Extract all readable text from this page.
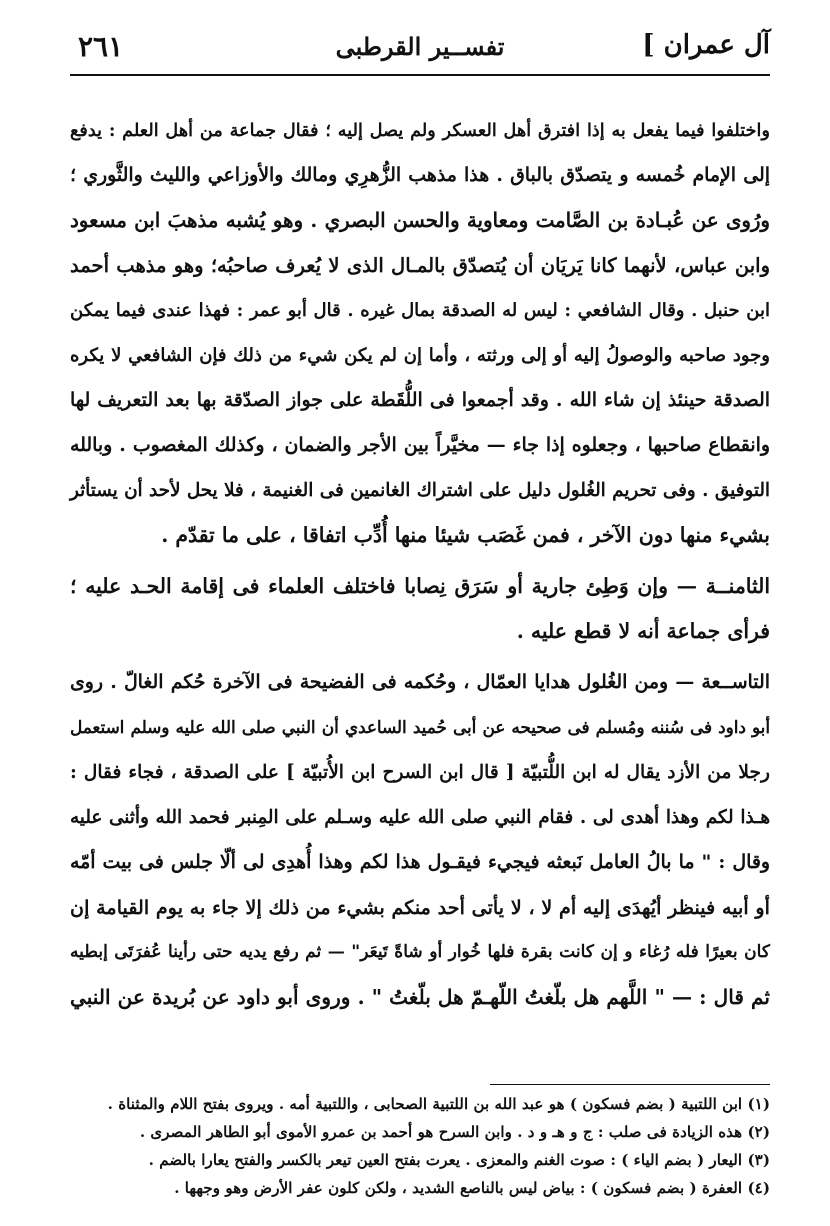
آل عمران ]
تفســير القرطبى
٢٦١

واختلفوا فيما يفعل به إذا افترق أهل العسكر ولم يصل إليه ؛ فقال جماعة من أهل العلم : يدفع

إلى الإمام خُمسه و يتصدّق بالباق . هذا مذهب الزُّهرِي ومالك والأوزاعي والليث والثَّوري ؛

ورُوى عن عُبـادة بن الصَّامت ومعاوية والحسن البصري . وهو يُشبه مذهبَ ابن مسعود

وابن عباس، لأنهما كانا يَريَان أن يُتصدّق بالمـال الذى لا يُعرف صاحبُه؛ وهو مذهب أحمد

ابن حنبل . وقال الشافعي : ليس له الصدقة بمال غيره . قال أبو عمر : فهذا عندى فيما يمكن

وجود صاحبه والوصولُ إليه أو إلى ورثته ، وأما إن لم يكن شيء من ذلك فإن الشافعي لا يكره

الصدقة حينئذ إن شاء الله . وقد أجمعوا فى اللُّقَطة على جواز الصدّقة بها بعد التعريف لها

وانقطاع صاحبها ، وجعلوه إذا جاء — مخيَّراً بين الأجر والضمان ، وكذلك المغصوب . وبالله

التوفيق . وفى تحريم الغُلول دليل على اشتراك الغانمين فى الغنيمة ، فلا يحل لأحد أن يستأثر

بشيء منها دون الآخر ، فمن غَصَب شيئا منها أُدِّب اتفاقا ، على ما تقدّم .

الثامنــة — وإن وَطِئ جارية أو سَرَق نِصابا فاختلف العلماء فى إقامة الحـد عليه ؛

فرأى جماعة أنه لا قطع عليه .

التاســعة — ومن الغُلول هدايا العمّال ، وحُكمه فى الفضيحة فى الآخرة حُكم الغالّ . روى

أبو داود فى سُننه ومُسلم فى صحيحه عن أبى حُميد الساعدي أن النبي صلى الله عليه وسلم استعمل

رجلا من الأزد يقال له ابن اللُّتبيّة [ قال ابن السرح ابن الأُتبيّة ] على الصدقة ، فجاء فقال :

هـذا لكم وهذا أهدى لى . فقام النبي صلى الله عليه وسـلم على المِنبر فحمد الله وأثنى عليه

وقال : " ما بالُ العامل نَبعثه فيجيء فيقـول هذا لكم وهذا أُهدِى لى ألّا جلس فى بيت أمّه

أو أبيه فينظر أيُهدَى إليه أم لا ، لا يأتى أحد منكم بشيء من ذلك إلا جاء به يوم القيامة إن

كان بعيرًا فله رُغاء و إن كانت بقرة فلها خُوار أو شاةً تَيعَر" — ثم رفع يديه حتى رأينا عُفرَتَى إبطيه

ثم قال : — " اللَّهم هل بلّغتُ اللّهـمّ هل بلّغتُ " . وروى أبو داود عن بُريدة عن النبي

(١) ابن اللتبية ( بضم فسكون ) هو عبد الله بن اللتبية الصحابى ، واللتبية أمه . ويروى بفتح اللام والمثناة .

(٢) هذه الزيادة فى صلب : ج و هـ و د . وابن السرح هو أحمد بن عمرو الأموى أبو الطاهر المصرى .

(٣) اليعار ( بضم الياء ) : صوت الغنم والمعزى . يعرت بفتح العين تيعر بالكسر والفتح يعارا بالضم .

(٤) العفرة ( بضم فسكون ) : بياض ليس بالناصع الشديد ، ولكن كلون عفر الأرض وهو وجهها .
